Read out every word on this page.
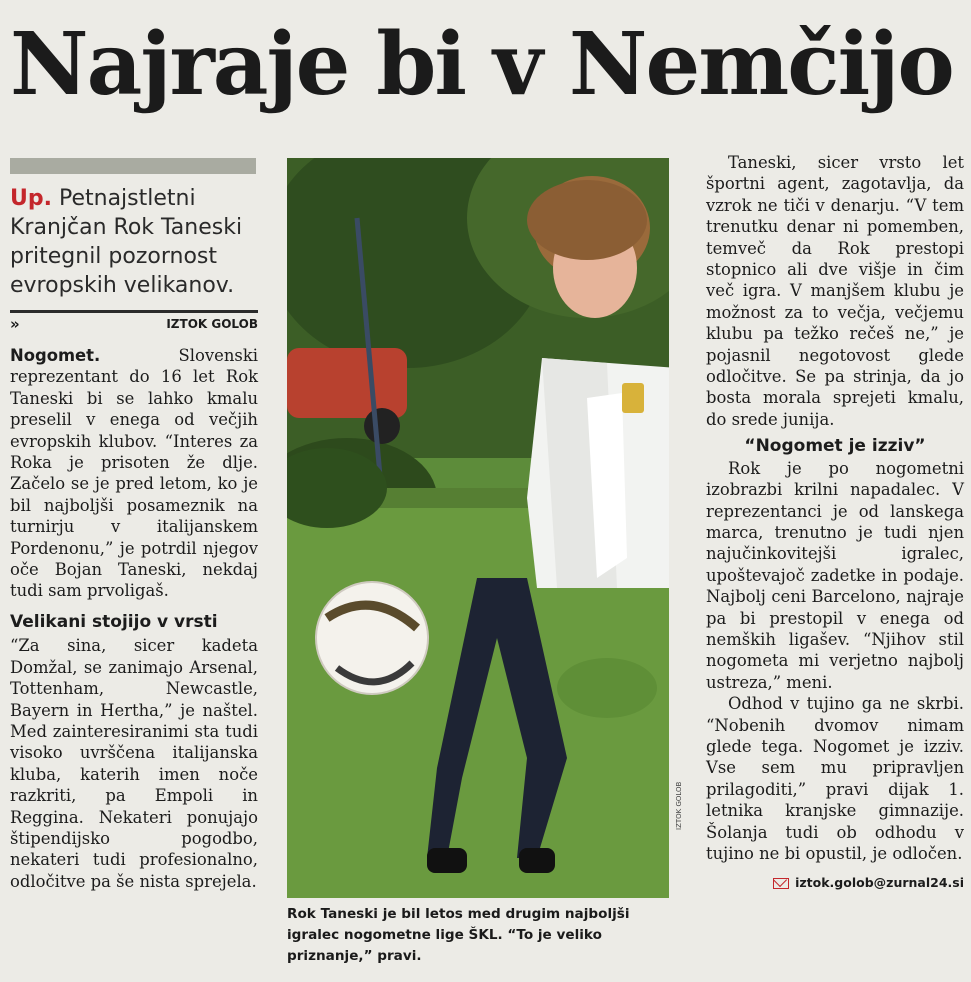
Najraje bi v Nemčijo
Up. Petnajstletni Kranjčan Rok Taneski pritegnil pozornost evropskih velikanov.
»	IZTOK GOLOB

Nogomet.	Slovenski reprezentant do 16 let Rok Taneski bi se lahko kmalu preselil v enega od večjih evropskih klubov. “Interes za Roka je prisoten že dlje. Začelo se je pred letom, ko je bil najboljši posameznik na turnirju v italijanskem Pordenonu,” je potrdil njegov oče Bojan Taneski, nekdaj tudi sam prvoligaš.

Velikani stojijo v vrsti

“Za sina, sicer kadeta Domžal, se zanimajo Arsenal, Tottenham, Newcastle, Bayern in Hertha,” je naštel. Med zainteresiranimi sta tudi visoko uvrščena italijanska kluba, katerih imen noče razkriti, pa Empoli in Reggina. Nekateri ponujajo štipendijsko pogodbo, nekateri tudi profesionalno, odločitve pa še nista sprejela.

IZTOK GOLOB
Rok Taneski je bil letos med drugim najboljši igralec nogometne lige ŠKL. “To je veliko priznanje,” pravi.

Taneski, sicer vrsto let športni agent, zagotavlja, da vzrok ne tiči v denarju. “V tem trenutku denar ni pomemben, temveč da Rok prestopi stopnico ali dve višje in čim več igra. V manjšem klubu je možnost za to večja, večjemu klubu pa težko rečeš ne,” je pojasnil negotovost glede odločitve. Se pa strinja, da jo bosta morala sprejeti kmalu, do srede junija.

“Nogomet je izziv”

Rok je po nogometni izobrazbi krilni napadalec. V reprezentanci je od lanskega marca, trenutno je tudi njen najučinkovitejši igralec, upoštevajoč zadetke in podaje. Najbolj ceni Barcelono, najraje pa bi prestopil v enega od nemških ligašev. “Njihov stil nogometa mi verjetno najbolj ustreza,” meni.

Odhod v tujino ga ne skrbi. “Nobenih dvomov nimam glede tega. Nogomet je izziv. Vse sem mu pripravljen prilagoditi,” pravi dijak 1. letnika kranjske gimnazije. Šolanja tudi ob odhodu v tujino ne bi opustil, je odločen.

iztok.golob@zurnal24.si
